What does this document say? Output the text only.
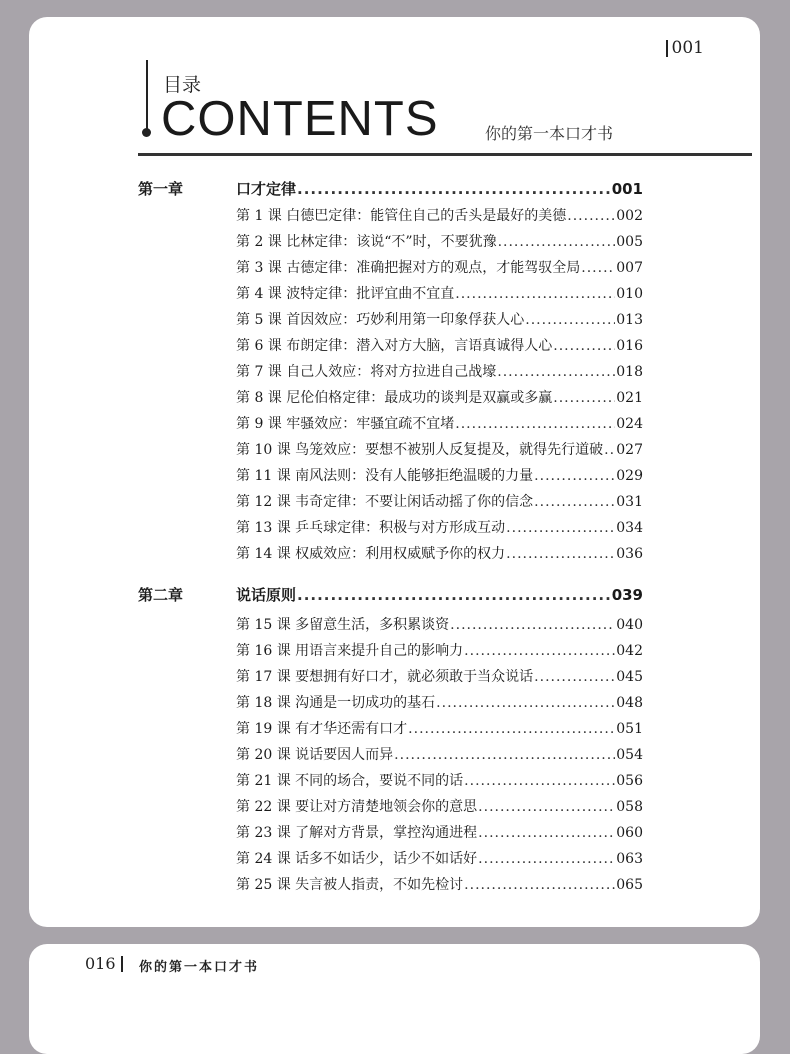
001
目录
CONTENTS	你的第一本口才书
第一章	口才定律 .....	001
第 1 课 白德巴定律：能管住自己的舌头是最好的美德 .....	002
第 2 课 比林定律：该说“不”时，不要犹豫 .....	005
第 3 课 古德定律：准确把握对方的观点，才能驾驭全局 .....	007
第 4 课 波特定律：批评宜曲不宜直 .....	010
第 5 课 首因效应：巧妙利用第一印象俘获人心 .....	013
第 6 课 布朗定律：潜入对方大脑，言语真诚得人心 .....	016
第 7 课 自己人效应：将对方拉进自己战壕 .....	018
第 8 课 尼伦伯格定律：最成功的谈判是双赢或多赢 .....	021
第 9 课 牢骚效应：牢骚宜疏不宜堵 .....	024
第 10 课 鸟笼效应：要想不被别人反复提及，就得先行道破 ..... 027
第 11 课 南风法则：没有人能够拒绝温暖的力量 .....	029
第 12 课 韦奇定律：不要让闲话动摇了你的信念 .....	031
第 13 课 乒乓球定律：积极与对方形成互动 .....	034
第 14 课 权威效应：利用权威赋予你的权力 .....	036
第二章	说话原则 .....	039
第 15 课 多留意生活，多积累谈资 .....	040
第 16 课 用语言来提升自己的影响力 .....	042
第 17 课 要想拥有好口才，就必须敢于当众说话 .....	045
第 18 课 沟通是一切成功的基石 .....	048
第 19 课 有才华还需有口才 .....	051
第 20 课 说话要因人而异 .....	054
第 21 课 不同的场合，要说不同的话 .....	056
第 22 课 要让对方清楚地领会你的意思 .....	058
第 23 课 了解对方背景，掌控沟通进程 .....	060
第 24 课 话多不如话少，话少不如话好 .....	063
第 25 课 失言被人指责，不如先检讨 .....	065
016	你的第一本口才书
